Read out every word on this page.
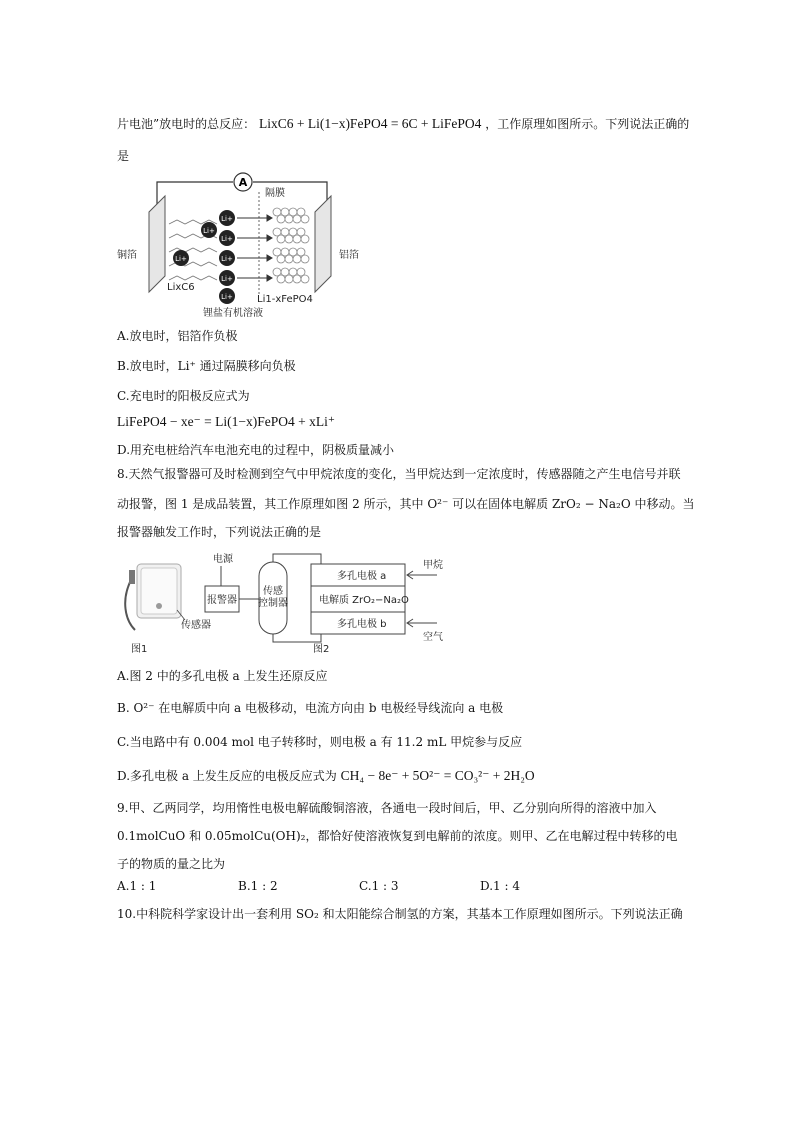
片电池”放电时的总反应： LixC6 + Li(1−x)FePO4 = 6C + LiFePO4 ，工作原理如图所示。下列说法正确的
是
A
隔膜
Li+
Li+
Li+
Li+
Li+
Li+
Li+
铜箔	铝箔
LixC6
Li1-xFePO4
锂盐有机溶液
A.放电时，铝箔作负极
B.放电时，Li⁺ 通过隔膜移向负极
C.充电时的阳极反应式为
LiFePO4 − xe⁻ = Li(1−x)FePO4 + xLi⁺
D.用充电桩给汽车电池充电的过程中，阴极质量减小
8.天然气报警器可及时检测到空气中甲烷浓度的变化，当甲烷达到一定浓度时，传感器随之产生电信号并联
动报警，图 1 是成品装置，其工作原理如图 2 所示，其中 O²⁻ 可以在固体电解质 ZrO₂ − Na₂O 中移动。当
报警器触发工作时，下列说法正确的是
传感器
图1
电源
报警器
传感
控制器
多孔电极 a
电解质 ZrO₂−Na₂O
多孔电极 b
甲烷
空气
图2
A.图 2 中的多孔电极 a 上发生还原反应
B. O²⁻ 在电解质中向 a 电极移动，电流方向由 b 电极经导线流向 a 电极
C.当电路中有 0.004 mol 电子转移时，则电极 a 有 11.2 mL 甲烷参与反应
D.多孔电极 a 上发生反应的电极反应式为 CH₄ − 8e⁻ + 5O²⁻ = CO₃²⁻ + 2H₂O
9.甲、乙两同学，均用惰性电极电解硫酸铜溶液，各通电一段时间后，甲、乙分别向所得的溶液中加入
0.1molCuO 和 0.05molCu(OH)₂，都恰好使溶液恢复到电解前的浓度。则甲、乙在电解过程中转移的电
子的物质的量之比为
A.1 : 1	B.1 : 2	C.1 : 3	D.1 : 4
10.中科院科学家设计出一套利用 SO₂ 和太阳能综合制氢的方案，其基本工作原理如图所示。下列说法正确
